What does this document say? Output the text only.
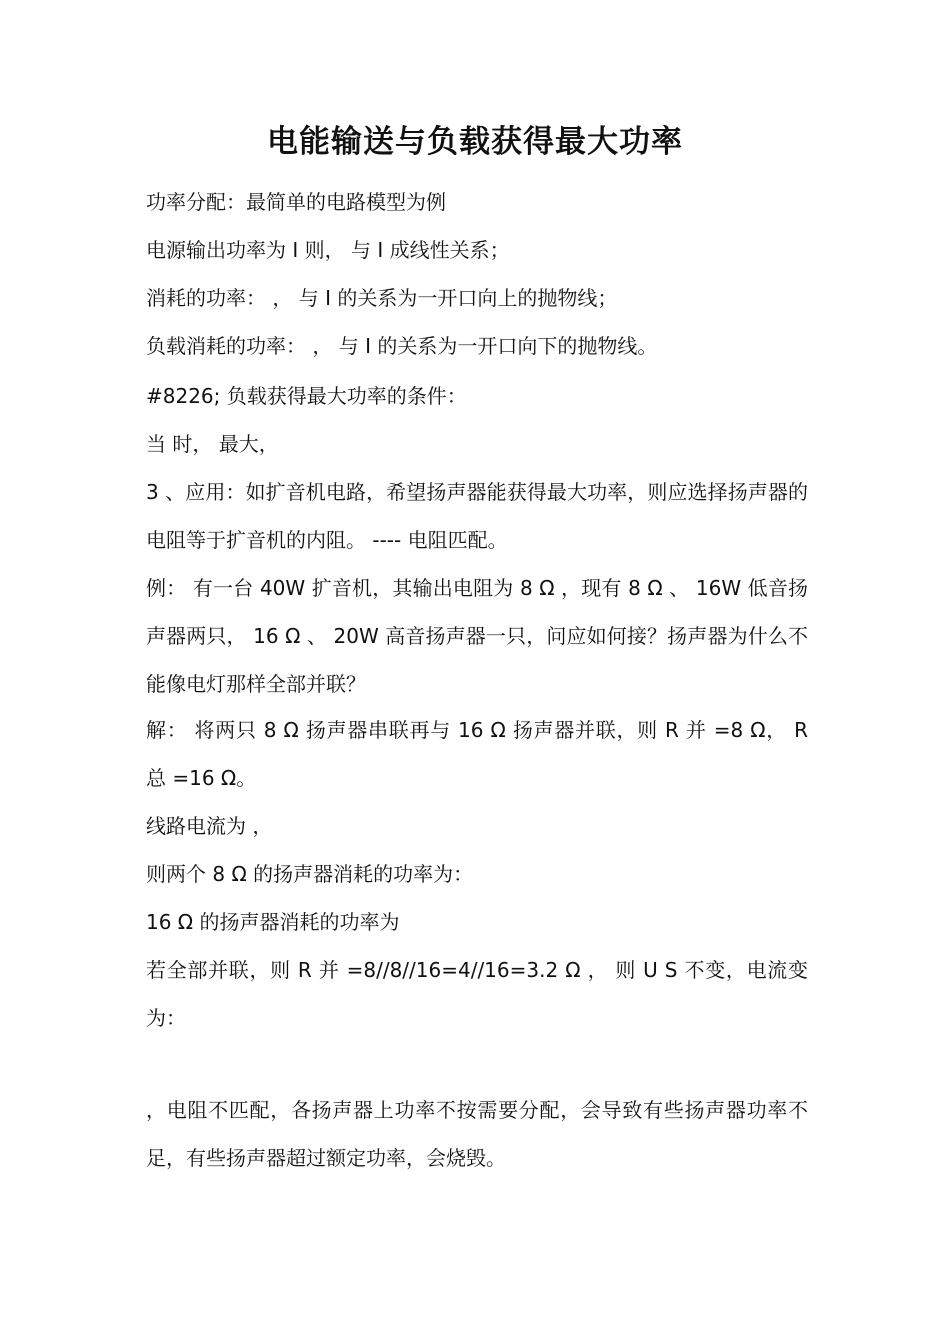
电能输送与负载获得最大功率

功率分配：最简单的电路模型为例

电源输出功率为 I 则， 与 I 成线性关系；

消耗的功率： ， 与 I 的关系为一开口向上的抛物线；

负载消耗的功率： ， 与 I 的关系为一开口向下的抛物线。

#8226; 负载获得最大功率的条件：

当 时， 最大，

3 、应用：如扩音机电路，希望扬声器能获得最大功率，则应选择扬声器的电阻等于扩音机的内阻。 ---- 电阻匹配。

例： 有一台 40W 扩音机，其输出电阻为 8 Ω ，现有 8 Ω 、 16W 低音扬声器两只， 16 Ω 、 20W 高音扬声器一只，问应如何接？扬声器为什么不能像电灯那样全部并联？

解： 将两只 8 Ω 扬声器串联再与 16 Ω 扬声器并联，则 R 并 =8 Ω， R 总 =16 Ω。

线路电流为 ，

则两个 8 Ω 的扬声器消耗的功率为：

16 Ω 的扬声器消耗的功率为

若全部并联，则 R 并 =8//8//16=4//16=3.2 Ω ， 则 U S 不变，电流变为：

，电阻不匹配，各扬声器上功率不按需要分配，会导致有些扬声器功率不足，有些扬声器超过额定功率，会烧毁。
